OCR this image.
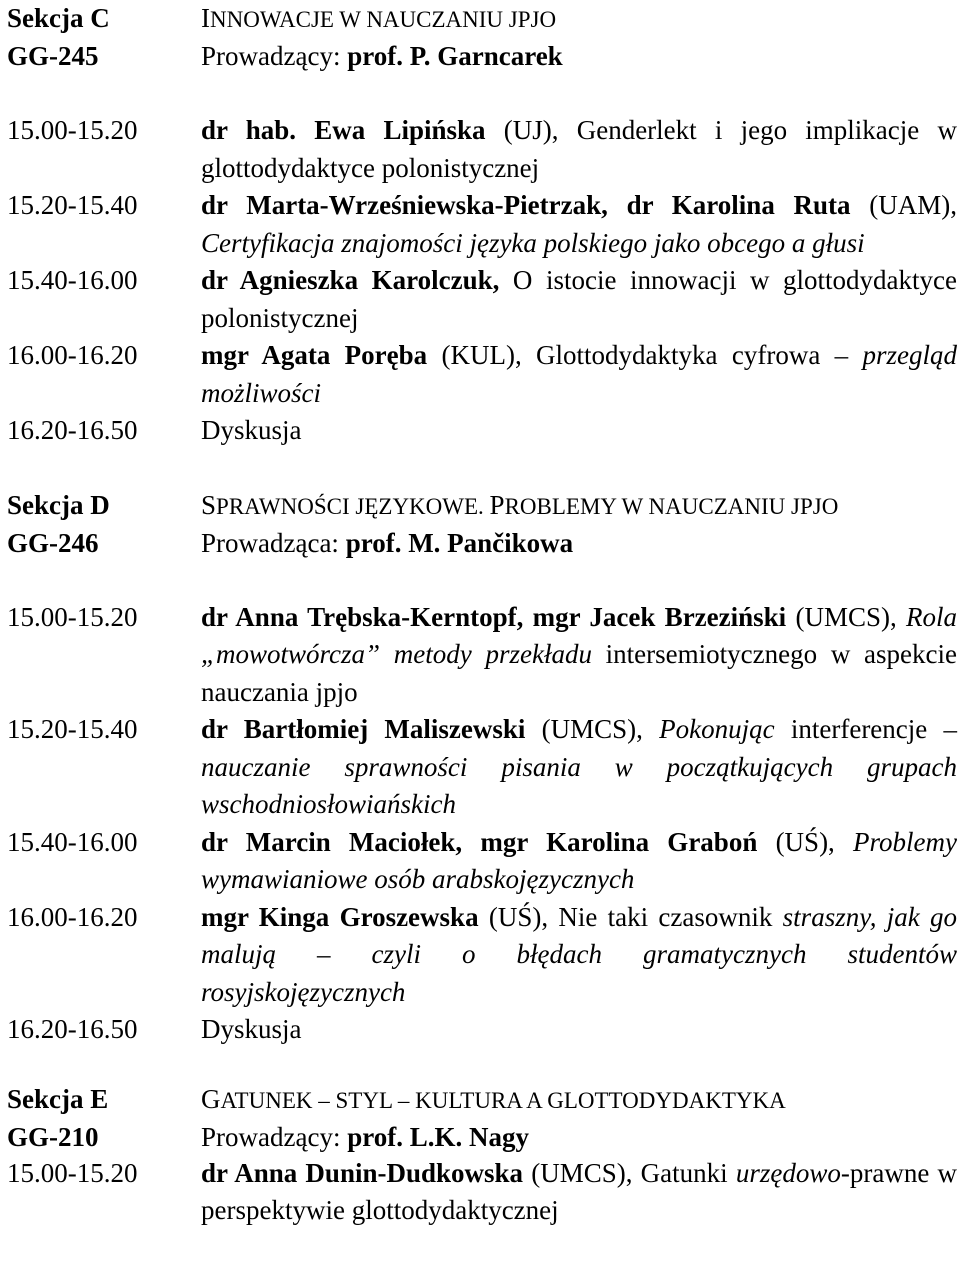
Sekcja C	INNOWACJE W NAUCZANIU JPJO
GG-245	Prowadzący: prof. P. Garncarek
15.00-15.20	dr hab. Ewa Lipińska (UJ), Genderlekt i jego implikacje w glottodydaktyce polonistycznej
15.20-15.40	dr Marta-Wrześniewska-Pietrzak, dr Karolina Ruta (UAM), Certyfikacja znajomości języka polskiego jako obcego a głusi
15.40-16.00	dr Agnieszka Karolczuk, O istocie innowacji w glottodydaktyce polonistycznej
16.00-16.20	mgr Agata Poręba (KUL), Glottodydaktyka cyfrowa – przegląd możliwości
16.20-16.50	Dyskusja
Sekcja D	SPRAWNOŚCI JĘZYKOWE. PROBLEMY W NAUCZANIU JPJO
GG-246	Prowadząca: prof. M. Pančikowa
15.00-15.20	dr Anna Trębska-Kerntopf, mgr Jacek Brzeziński (UMCS), Rola „mowotwórcza” metody przekładu intersemiotycznego w aspekcie nauczania jpjo
15.20-15.40	dr Bartłomiej Maliszewski (UMCS), Pokonując interferencje – nauczanie sprawności pisania w początkujących grupach wschodniosłowiańskich
15.40-16.00	dr Marcin Maciołek, mgr Karolina Graboń (UŚ), Problemy wymawianiowe osób arabskojęzycznych
16.00-16.20	mgr Kinga Groszewska (UŚ), Nie taki czasownik straszny, jak go malują – czyli o błędach gramatycznych studentów rosyjskojęzycznych
16.20-16.50	Dyskusja
Sekcja E	GATUNEK – STYL – KULTURA A GLOTTODYDAKTYKA
GG-210	Prowadzący: prof. L.K. Nagy
15.00-15.20	dr Anna Dunin-Dudkowska (UMCS), Gatunki urzędowo-prawne w perspektywie glottodydaktycznej
